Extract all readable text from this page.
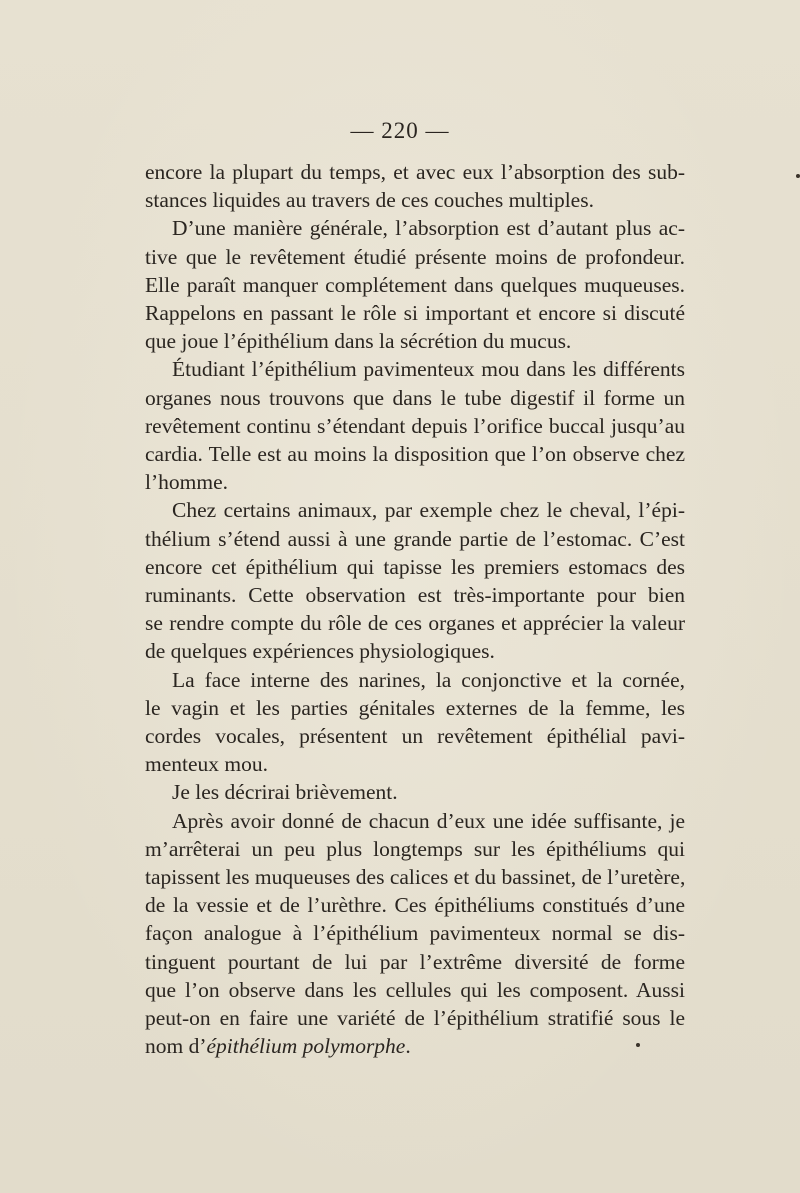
— 220 —
encore la plupart du temps, et avec eux l’absorption des sub-
stances liquides au travers de ces couches multiples.
D’une manière générale, l’absorption est d’autant plus ac-
tive que le revêtement étudié présente moins de profondeur.
Elle paraît manquer complétement dans quelques muqueuses.
Rappelons en passant le rôle si important et encore si discuté
que joue l’épithélium dans la sécrétion du mucus.
Étudiant l’épithélium pavimenteux mou dans les différents
organes nous trouvons que dans le tube digestif il forme un
revêtement continu s’étendant depuis l’orifice buccal jusqu’au
cardia. Telle est au moins la disposition que l’on observe chez
l’homme.
Chez certains animaux, par exemple chez le cheval, l’épi-
thélium s’étend aussi à une grande partie de l’estomac. C’est
encore cet épithélium qui tapisse les premiers estomacs des
ruminants. Cette observation est très-importante pour bien
se rendre compte du rôle de ces organes et apprécier la valeur
de quelques expériences physiologiques.
La face interne des narines, la conjonctive et la cornée,
le vagin et les parties génitales externes de la femme, les
cordes vocales, présentent un revêtement épithélial pavi-
menteux mou.
Je les décrirai brièvement.
Après avoir donné de chacun d’eux une idée suffisante, je
m’arrêterai un peu plus longtemps sur les épithéliums qui
tapissent les muqueuses des calices et du bassinet, de l’uretère,
de la vessie et de l’urèthre. Ces épithéliums constitués d’une
façon analogue à l’épithélium pavimenteux normal se dis-
tinguent pourtant de lui par l’extrême diversité de forme
que l’on observe dans les cellules qui les composent. Aussi
peut-on en faire une variété de l’épithélium stratifié sous le
nom d’épithélium polymorphe.
